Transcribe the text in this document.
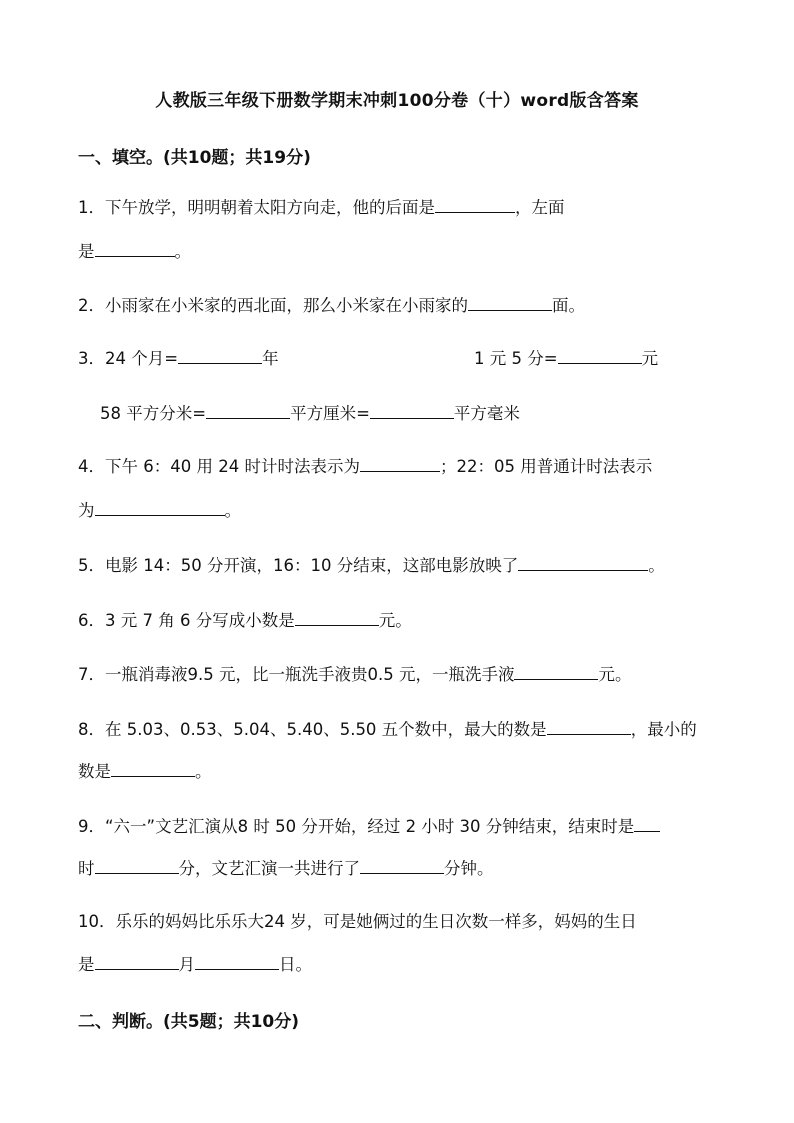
人教版三年级下册数学期末冲刺100分卷（十）word版含答案
一、填空。(共10题；共19分)
1．下午放学，明明朝着太阳方向走，他的后面是	，左面
是	。
2．小雨家在小米家的西北面，那么小米家在小雨家的	面。
3．24 个月=	年	1 元 5 分=	元
58 平方分米=	平方厘米=	平方毫米
4．下午 6：40 用 24 时计时法表示为	；22：05 用普通计时法表示
为	。
5．电影 14：50 分开演，16：10 分结束，这部电影放映了	。
6．3 元 7 角 6 分写成小数是	元。
7．一瓶消毒液9.5 元，比一瓶洗手液贵0.5 元，一瓶洗手液	元。
8．在 5.03、0.53、5.04、5.40、5.50 五个数中，最大的数是	，最小的
数是	。
9．“六一”文艺汇演从8 时 50 分开始，经过 2 小时 30 分钟结束，结束时是
时	分，文艺汇演一共进行了	分钟。
10．乐乐的妈妈比乐乐大24 岁，可是她俩过的生日次数一样多，妈妈的生日
是	月	日。
二、判断。(共5题；共10分)
